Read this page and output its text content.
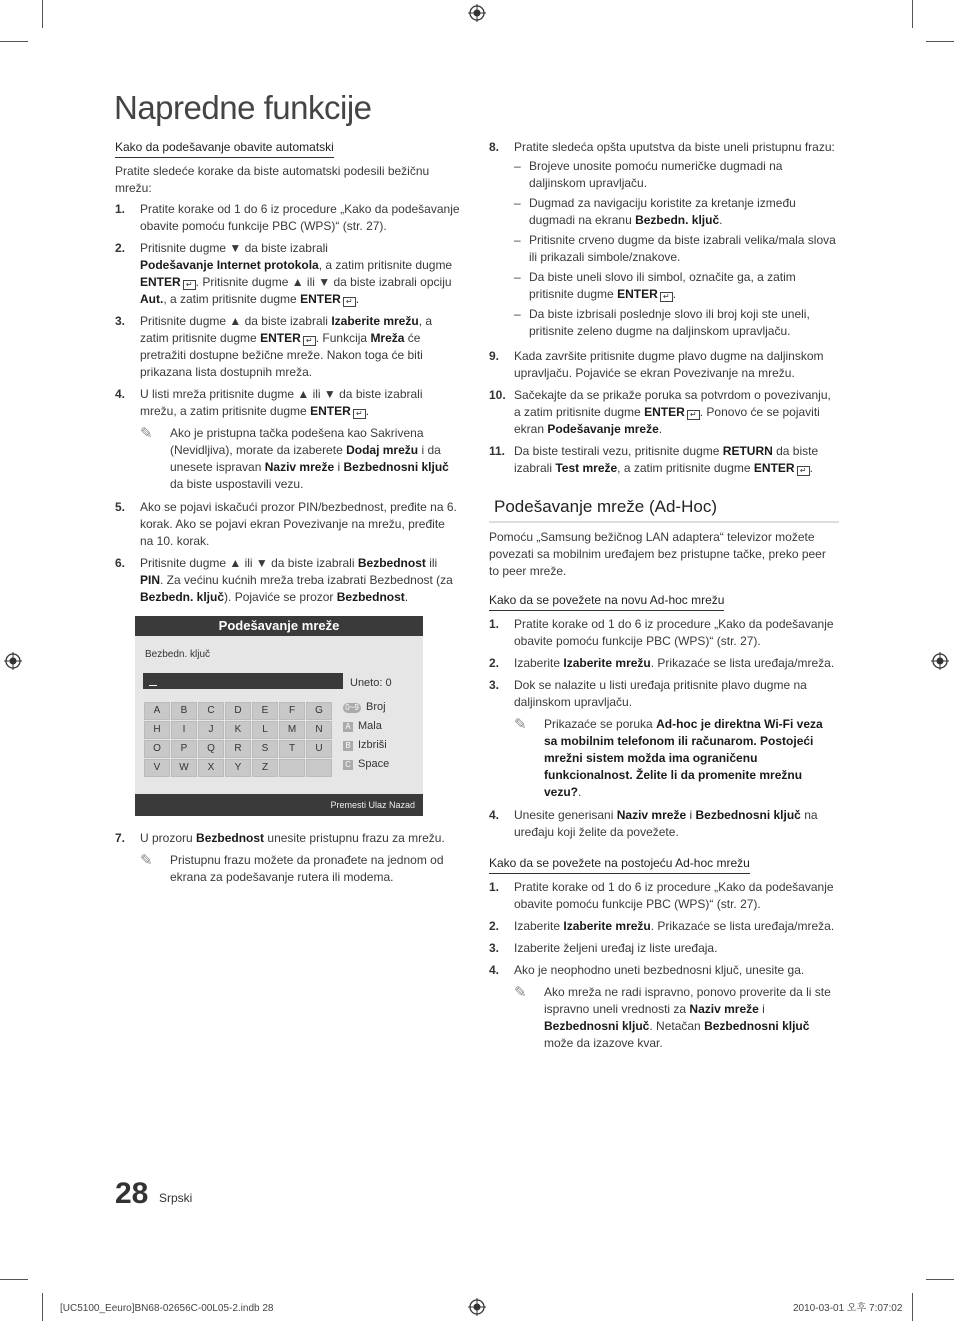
Napredne funkcije
Kako da podešavanje obavite automatski

Pratite sledeće korake da biste automatski podesili bežičnu mrežu:

1.	Pratite korake od 1 do 6 iz procedure „Kako da podešavanje obavite pomoću funkcije PBC (WPS)“ (str. 27).
2.	Pritisnite dugme ▼ da biste izabrali
Podešavanje Internet protokola, a zatim pritisnite dugme ENTER ↵ . Pritisnite dugme ▲ ili ▼ da biste izabrali opciju Aut., a zatim pritisnite dugme ENTER ↵ .
3.	Pritisnite dugme ▲ da biste izabrali Izaberite mrežu, a zatim pritisnite dugme ENTER ↵ . Funkcija Mreža će pretražiti dostupne bežične mreže. Nakon toga će biti prikazana lista dostupnih mreža.
4.	U listi mreža pritisnite dugme ▲ ili ▼ da biste izabrali mrežu, a zatim pritisnite dugme ENTER ↵ .
✎	Ako je pristupna tačka podešena kao Sakrivena (Nevidljiva), morate da izaberete Dodaj mrežu i da unesete ispravan Naziv mreže i Bezbednosni ključ da biste uspostavili vezu.
5.	Ako se pojavi iskačući prozor PIN/bezbednost, pređite na 6. korak. Ako se pojavi ekran Povezivanje na mrežu, pređite na 10. korak.
6.	Pritisnite dugme ▲ ili ▼ da biste izabrali Bezbednost ili PIN. Za većinu kućnih mreža treba izabrati Bezbednost (za Bezbedn. ključ). Pojaviće se prozor Bezbednost.
Podešavanje mreže
Bezbedn. ključ
Uneto: 0
A	B	C	D	E	F	G
H	I	J	K	L	M	N
O	P	Q	R	S	T	U
V	W	X	Y	Z
0~9 Broj
A Mala
B Izbriši
C Space
Premesti Ulaz Nazad
7.	U prozoru Bezbednost unesite pristupnu frazu za mrežu.
✎	Pristupnu frazu možete da pronađete na jednom od ekrana za podešavanje rutera ili modema.
8.	Pratite sledeća opšta uputstva da biste uneli pristupnu frazu:
– Brojeve unosite pomoću numeričke dugmadi na daljinskom upravljaču.
– Dugmad za navigaciju koristite za kretanje između dugmadi na ekranu Bezbedn. ključ.
– Pritisnite crveno dugme da biste izabrali velika/mala slova ili prikazali simbole/znakove.
– Da biste uneli slovo ili simbol, označite ga, a zatim pritisnite dugme ENTER ↵ .
– Da biste izbrisali poslednje slovo ili broj koji ste uneli, pritisnite zeleno dugme na daljinskom upravljaču.
9.	Kada završite pritisnite dugme plavo dugme na daljinskom upravljaču. Pojaviće se ekran Povezivanje na mrežu.
10. Sačekajte da se prikaže poruka sa potvrdom o povezivanju, a zatim pritisnite dugme ENTER ↵ . Ponovo će se pojaviti ekran Podešavanje mreže.
11. Da biste testirali vezu, pritisnite dugme RETURN da biste izabrali Test mreže, a zatim pritisnite dugme ENTER ↵ .
Podešavanje mreže (Ad-Hoc)

Pomoću „Samsung bežičnog LAN adaptera“ televizor možete povezati sa mobilnim uređajem bez pristupne tačke, preko peer to peer mreže.

Kako da se povežete na novu Ad-hoc mrežu
1.	Pratite korake od 1 do 6 iz procedure „Kako da podešavanje obavite pomoću funkcije PBC (WPS)“ (str. 27).
2.	Izaberite Izaberite mrežu. Prikazaće se lista uređaja/mreža.
3.	Dok se nalazite u listi uređaja pritisnite plavo dugme na daljinskom upravljaču.
✎	Prikazaće se poruka Ad-hoc je direktna Wi-Fi veza sa mobilnim telefonom ili računarom. Postojeći mrežni sistem možda ima ograničenu funkcionalnost. Želite li da promenite mrežnu vezu?.
4.	Unesite generisani Naziv mreže i Bezbednosni ključ na uređaju koji želite da povežete.
Kako da se povežete na postojeću Ad-hoc mrežu
1.	Pratite korake od 1 do 6 iz procedure „Kako da podešavanje obavite pomoću funkcije PBC (WPS)“ (str. 27).
2.	Izaberite Izaberite mrežu. Prikazaće se lista uređaja/mreža.
3.	Izaberite željeni uređaj iz liste uređaja.
4.	Ako je neophodno uneti bezbednosni ključ, unesite ga.
✎	Ako mreža ne radi ispravno, ponovo proverite da li ste ispravno uneli vrednosti za Naziv mreže i Bezbednosni ključ. Netačan Bezbednosni ključ može da izazove kvar.
28 Srpski
[UC5100_Eeuro]BN68-02656C-00L05-2.indb 28	2010-03-01 오후 7:07:02
